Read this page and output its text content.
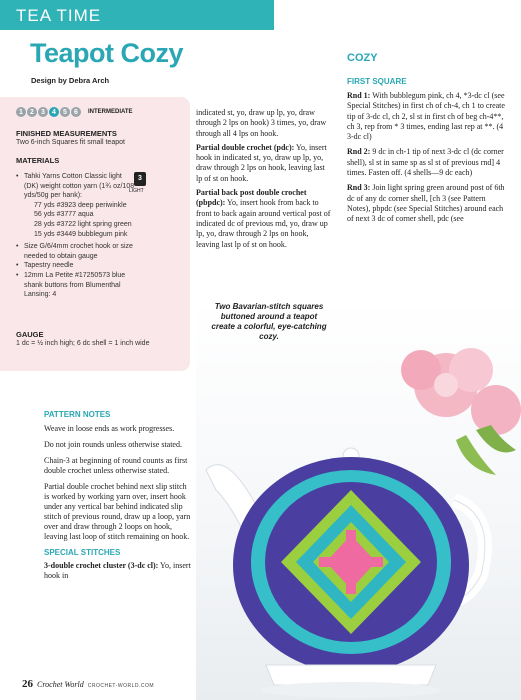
TEA TIME
Teapot Cozy
Design by Debra Arch
1	2	3	4	5	6	INTERMEDIATE
FINISHED MEASUREMENTS
Two 6-inch Squares fit small teapot
MATERIALS
• Tahki Yarns Cotton Classic light (DK) weight cotton yarn (1¾ oz/108 yds/50g per hank):
77 yds #3923 deep periwinkle
56 yds #3777 aqua
28 yds #3722 light spring green
15 yds #3449 bubblegum pink
• Size G/6/4mm crochet hook or size needed to obtain gauge
• Tapestry needle
• 12mm La Petite #17250573 blue shank buttons from Blumenthal Lansing: 4
3
LIGHT
GAUGE
1 dc = ½ inch high; 6 dc shell = 1 inch wide
PATTERN NOTES

Weave in loose ends as work progresses.

Do not join rounds unless otherwise stated.

Chain-3 at beginning of round counts as first double crochet unless otherwise stated.

Partial double crochet behind next slip stitch is worked by working yarn over, insert hook under any vertical bar behind indicated slip stitch of previous round, draw up a loop, yarn over and draw through 2 loops on hook, leaving last loop of stitch remaining on hook.

SPECIAL STITCHES
3-double crochet cluster (3-dc cl): Yo, insert hook in

indicated st, yo, draw up lp, yo, draw through 2 lps on hook) 3 times, yo, draw through all 4 lps on hook.

Partial double crochet (pdc): Yo, insert hook in indicated st, yo, draw up lp, yo, draw through 2 lps on hook, leaving last lp of st on hook.

Partial back post double crochet (pbpdc): Yo, insert hook from back to front to back again around vertical post of indicated dc of previous rnd, yo, draw up lp, yo, draw through 2 lps on hook, leaving last lp of st on hook.

COZY
FIRST SQUARE

Rnd 1: With bubblegum pink, ch 4, *3-dc cl (see Special Stitches) in first ch of ch-4, ch 1 to create tip of 3-dc cl, ch 2, sl st in first ch of beg ch-4**, ch 3, rep from * 3 times, ending last rep at **. (4 3-dc cl)

Rnd 2: 9 dc in ch-1 tip of next 3-dc cl (dc corner shell), sl st in same sp as sl st of previous rnd] 4 times. Fasten off. (4 shells—9 dc each)

Rnd 3: Join light spring green around post of 6th dc of any dc corner shell, [ch 3 (see Pattern Notes), pbpdc (see Special Stitches) around each of next 3 dc of corner shell, pdc (see

Two Bavarian-stitch squares buttoned around a teapot create a colorful, eye-catching cozy.
26 Crochet World CROCHET-WORLD.COM
